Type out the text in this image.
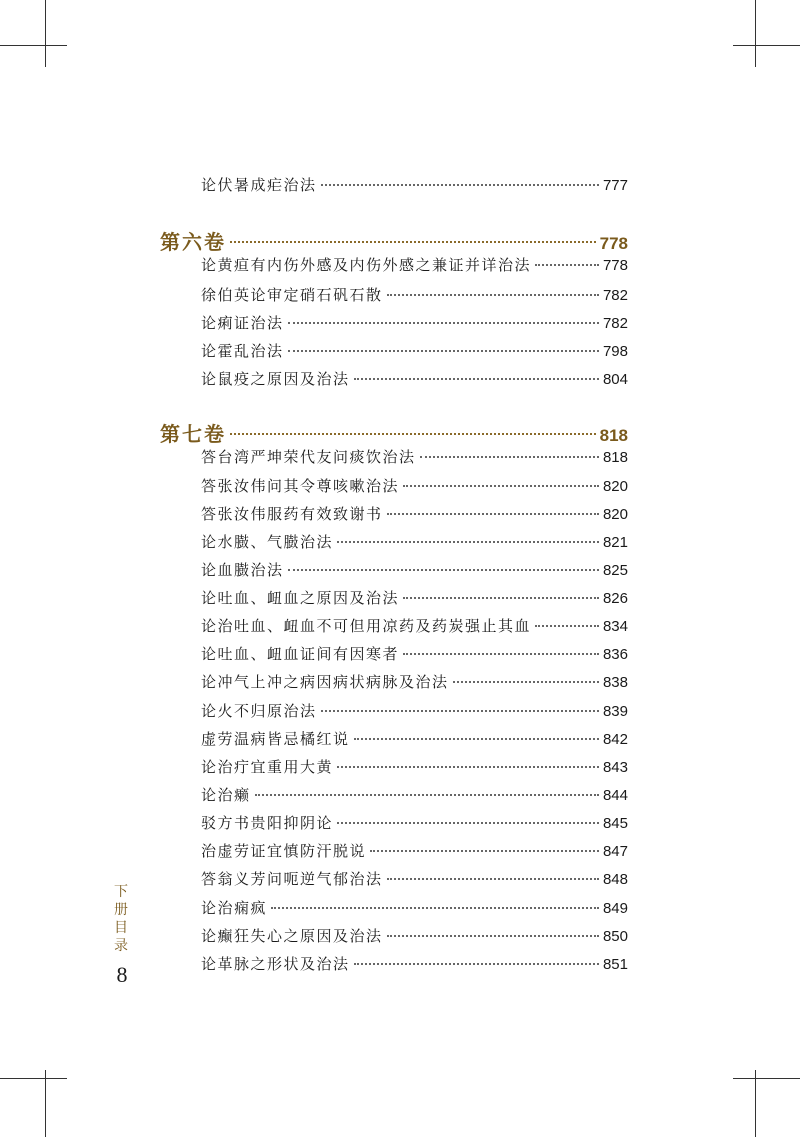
论伏暑成疟治法	777
第六卷	778
论黄疸有内伤外感及内伤外感之兼证并详治法	778
徐伯英论审定硝石矾石散	782
论痢证治法	782
论霍乱治法	798
论鼠疫之原因及治法	804
第七卷	818
答台湾严坤荣代友问痰饮治法	818
答张汝伟问其令尊咳嗽治法	820
答张汝伟服药有效致谢书	820
论水臌、气臌治法	821
论血臌治法	825
论吐血、衄血之原因及治法	826
论治吐血、衄血不可但用凉药及药炭强止其血	834
论吐血、衄血证间有因寒者	836
论冲气上冲之病因病状病脉及治法	838
论火不归原治法	839
虚劳温病皆忌橘红说	842
论治疔宜重用大黄	843
论治癞	844
驳方书贵阳抑阴论	845
治虚劳证宜慎防汗脱说	847
答翁义芳问呃逆气郁治法	848
论治痫疯	849
论癫狂失心之原因及治法	850
论革脉之形状及治法	851
下
册
目
录
8
